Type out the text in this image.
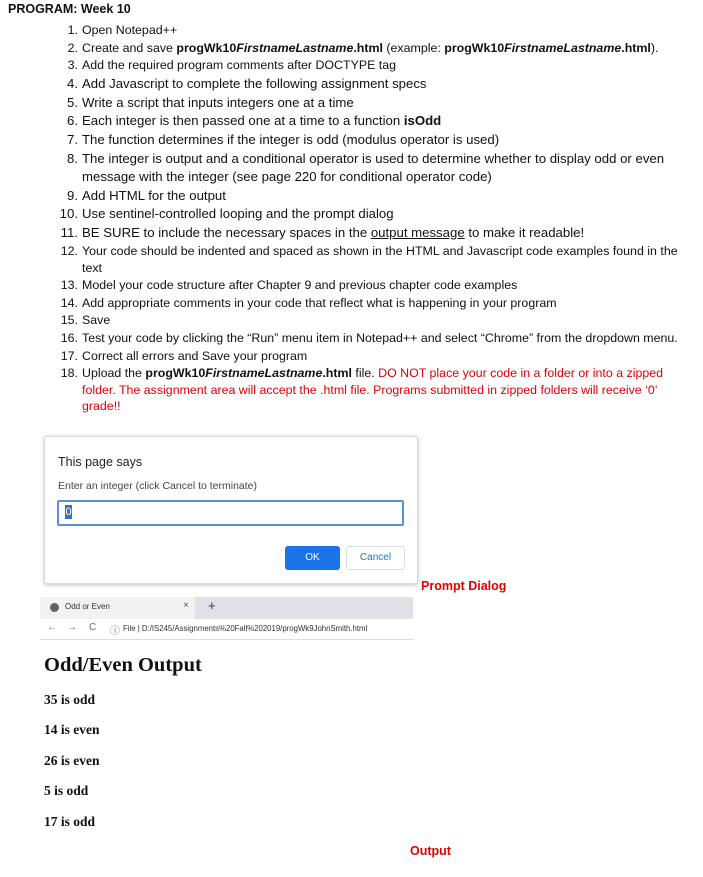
PROGRAM: Week 10
1. Open Notepad++
2. Create and save progWk10FirstnameLastname.html (example: progWk10FirstnameLastname.html).
3. Add the required program comments after DOCTYPE tag
4. Add Javascript to complete the following assignment specs
5. Write a script that inputs integers one at a time
6. Each integer is then passed one at a time to a function isOdd
7. The function determines if the integer is odd (modulus operator is used)
8. The integer is output and a conditional operator is used to determine whether to display odd or even message with the integer (see page 220 for conditional operator code)
9. Add HTML for the output
10. Use sentinel-controlled looping and the prompt dialog
11. BE SURE to include the necessary spaces in the output message to make it readable!
12. Your code should be indented and spaced as shown in the HTML and Javascript code examples found in the text
13. Model your code structure after Chapter 9 and previous chapter code examples
14. Add appropriate comments in your code that reflect what is happening in your program
15. Save
16. Test your code by clicking the “Run” menu item in Notepad++ and select “Chrome” from the dropdown menu.
17. Correct all errors and Save your program
18. Upload the progWk10FirstnameLastname.html file. DO NOT place your code in a folder or into a zipped folder. The assignment area will accept the .html file. Programs submitted in zipped folders will receive ‘0’ grade!!
This page says
Enter an integer (click Cancel to terminate)
0
OK	Cancel
Prompt Dialog
Odd or Even	× +
← → C ⓘ File | D:/IS245/Assignments%20Fall%202019/progWk9JohnSmith.html
Odd/Even Output
35 is odd
14 is even
26 is even
5 is odd
17 is odd
Output
